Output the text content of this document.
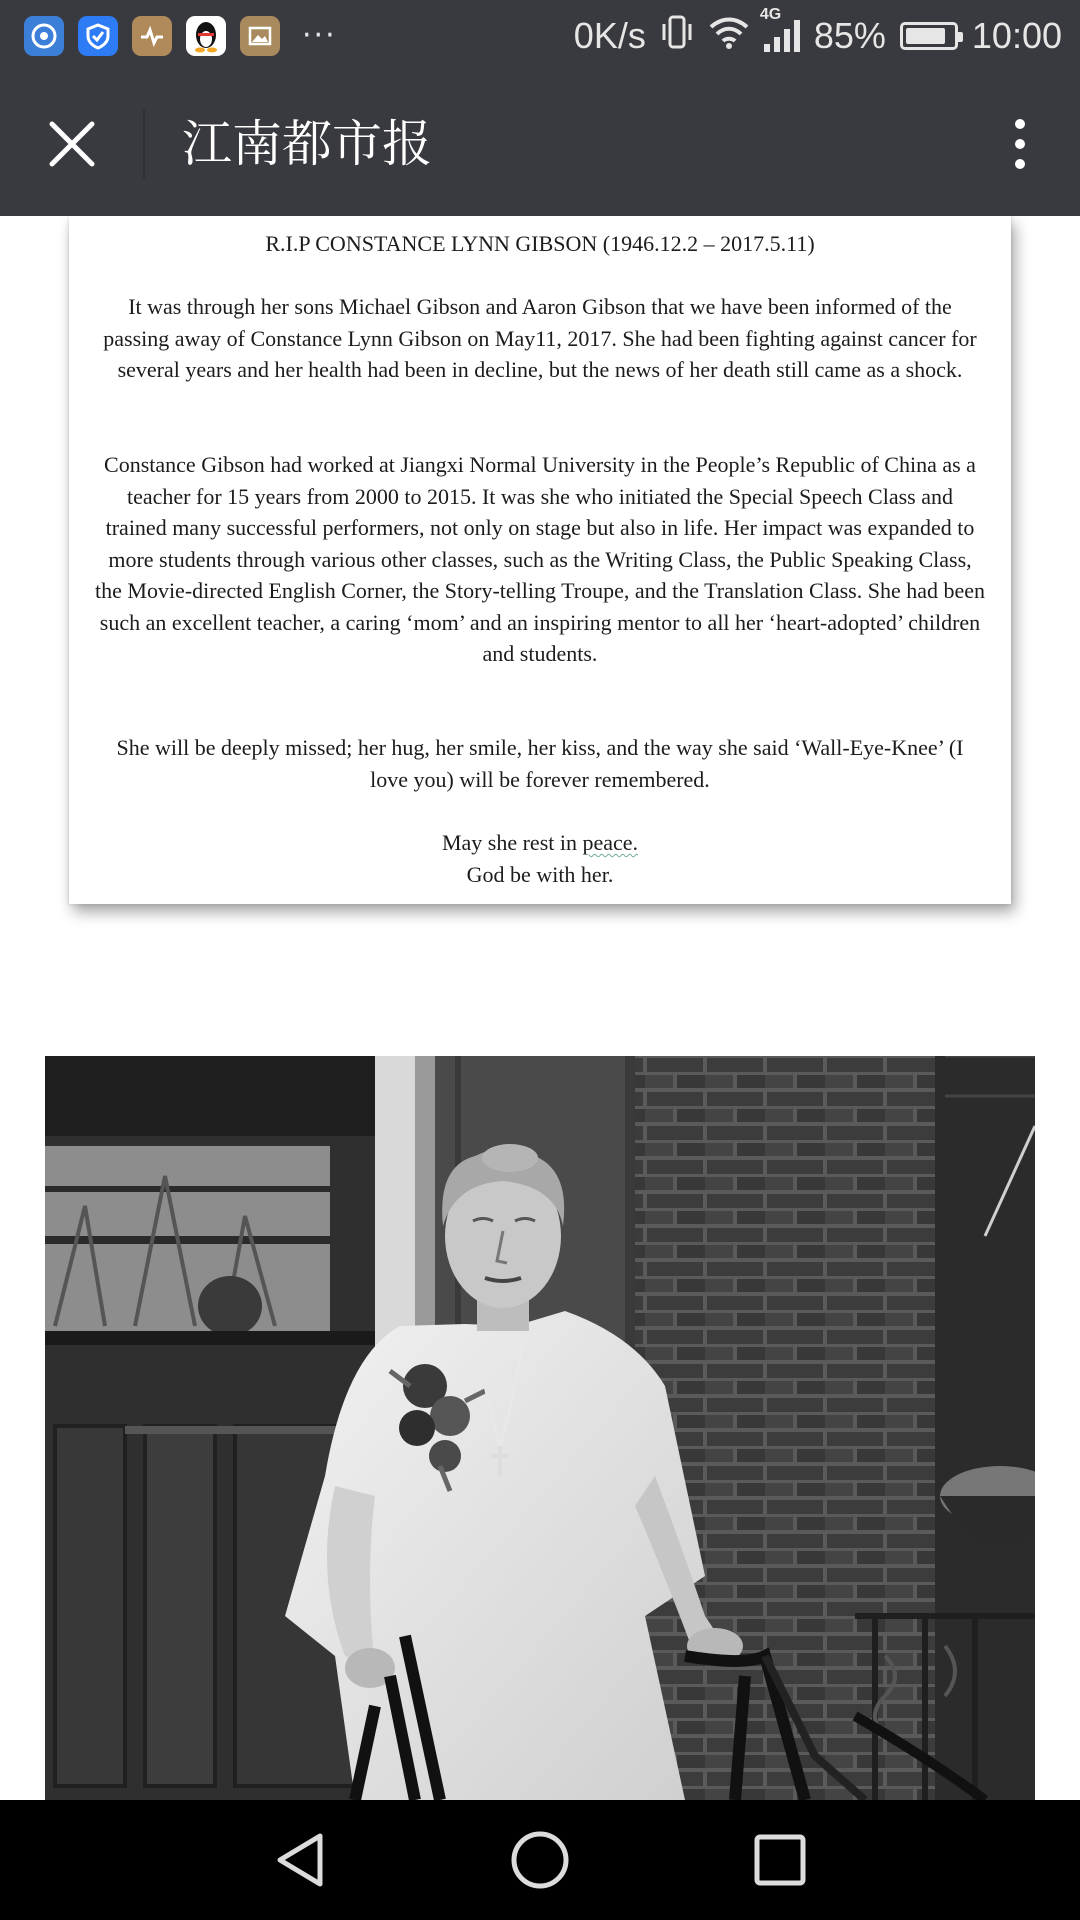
···	0K/s
4G
85% 10:00
江南都市报
R.I.P CONSTANCE LYNN GIBSON (1946.12.2 – 2017.5.11)

It was through her sons Michael Gibson and Aaron Gibson that we have been informed of the passing away of Constance Lynn Gibson on May11, 2017. She had been fighting against cancer for several years and her health had been in decline, but the news of her death still came as a shock.

Constance Gibson had worked at Jiangxi Normal University in the People’s Republic of China as a teacher for 15 years from 2000 to 2015. It was she who initiated the Special Speech Class and trained many successful performers, not only on stage but also in life. Her impact was expanded to more students through various other classes, such as the Writing Class, the Public Speaking Class, the Movie-directed English Corner, the Story-telling Troupe, and the Translation Class. She had been such an excellent teacher, a caring ‘mom’ and an inspiring mentor to all her ‘heart-adopted’ children and students.

She will be deeply missed; her hug, her smile, her kiss, and the way she said ‘Wall-Eye-Knee’ (I love you) will be forever remembered.

May she rest in peace.
God be with her.
